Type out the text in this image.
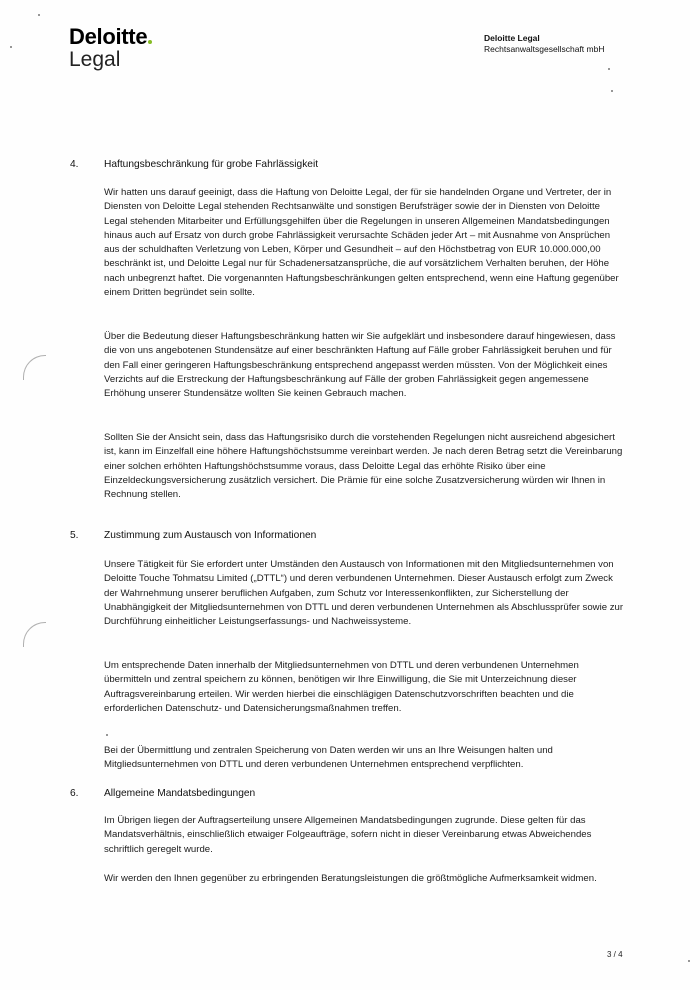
Deloitte
Legal
Deloitte Legal
Rechtsanwaltsgesellschaft mbH
4.	Haftungsbeschränkung für grobe Fahrlässigkeit

Wir hatten uns darauf geeinigt, dass die Haftung von Deloitte Legal, der für sie handelnden Organe und Vertreter, der in Diensten von Deloitte Legal stehenden Rechtsanwälte und sonstigen Berufsträger sowie der in Diensten von Deloitte Legal stehenden Mitarbeiter und Erfüllungsgehilfen über die Regelungen in unseren Allgemeinen Mandatsbedingungen hinaus auch auf Ersatz von durch grobe Fahrlässigkeit verursachte Schäden jeder Art – mit Ausnahme von Ansprüchen aus der schuldhaften Verletzung von Leben, Körper und Gesundheit – auf den Höchstbetrag von EUR 10.000.000,00 beschränkt ist, und Deloitte Legal nur für Schadenersatzansprüche, die auf vorsätzlichem Verhalten beruhen, der Höhe nach unbegrenzt haftet. Die vorgenannten Haftungsbeschränkungen gelten entsprechend, wenn eine Haftung gegenüber einem Dritten begründet sein sollte.

Über die Bedeutung dieser Haftungsbeschränkung hatten wir Sie aufgeklärt und insbesondere darauf hingewiesen, dass die von uns angebotenen Stundensätze auf einer beschränkten Haftung auf Fälle grober Fahrlässigkeit beruhen und für den Fall einer geringeren Haftungsbeschränkung entsprechend angepasst werden müssten. Von der Möglichkeit eines Verzichts auf die Erstreckung der Haftungsbeschränkung auf Fälle der groben Fahrlässigkeit gegen angemessene Erhöhung unserer Stundensätze wollten Sie keinen Gebrauch machen.

Sollten Sie der Ansicht sein, dass das Haftungsrisiko durch die vorstehenden Regelungen nicht ausreichend abgesichert ist, kann im Einzelfall eine höhere Haftungshöchstsumme vereinbart werden. Je nach deren Betrag setzt die Vereinbarung einer solchen erhöhten Haftungshöchstsumme voraus, dass Deloitte Legal das erhöhte Risiko über eine Einzeldeckungsversicherung zusätzlich versichert. Die Prämie für eine solche Zusatzversicherung würden wir Ihnen in Rechnung stellen.

5.	Zustimmung zum Austausch von Informationen

Unsere Tätigkeit für Sie erfordert unter Umständen den Austausch von Informationen mit den Mitgliedsunternehmen von Deloitte Touche Tohmatsu Limited („DTTL“) und deren verbundenen Unternehmen. Dieser Austausch erfolgt zum Zweck der Wahrnehmung unserer beruflichen Aufgaben, zum Schutz vor Interessenkonflikten, zur Sicherstellung der Unabhängigkeit der Mitgliedsunternehmen von DTTL und deren verbundenen Unternehmen als Abschlussprüfer sowie zur Durchführung einheitlicher Leistungserfassungs- und Nachweissysteme.

Um entsprechende Daten innerhalb der Mitgliedsunternehmen von DTTL und deren verbundenen Unternehmen übermitteln und zentral speichern zu können, benötigen wir Ihre Einwilligung, die Sie mit Unterzeichnung dieser Auftragsvereinbarung erteilen. Wir werden hierbei die einschlägigen Datenschutzvorschriften beachten und die erforderlichen Datenschutz- und Datensicherungsmaßnahmen treffen.

Bei der Übermittlung und zentralen Speicherung von Daten werden wir uns an Ihre Weisungen halten und Mitgliedsunternehmen von DTTL und deren verbundenen Unternehmen entsprechend verpflichten.

6.	Allgemeine Mandatsbedingungen

Im Übrigen liegen der Auftragserteilung unsere Allgemeinen Mandatsbedingungen zugrunde. Diese gelten für das Mandatsverhältnis, einschließlich etwaiger Folgeaufträge, sofern nicht in dieser Vereinbarung etwas Abweichendes schriftlich geregelt wurde.

Wir werden den Ihnen gegenüber zu erbringenden Beratungsleistungen die größtmögliche Aufmerksamkeit widmen.

3 / 4
